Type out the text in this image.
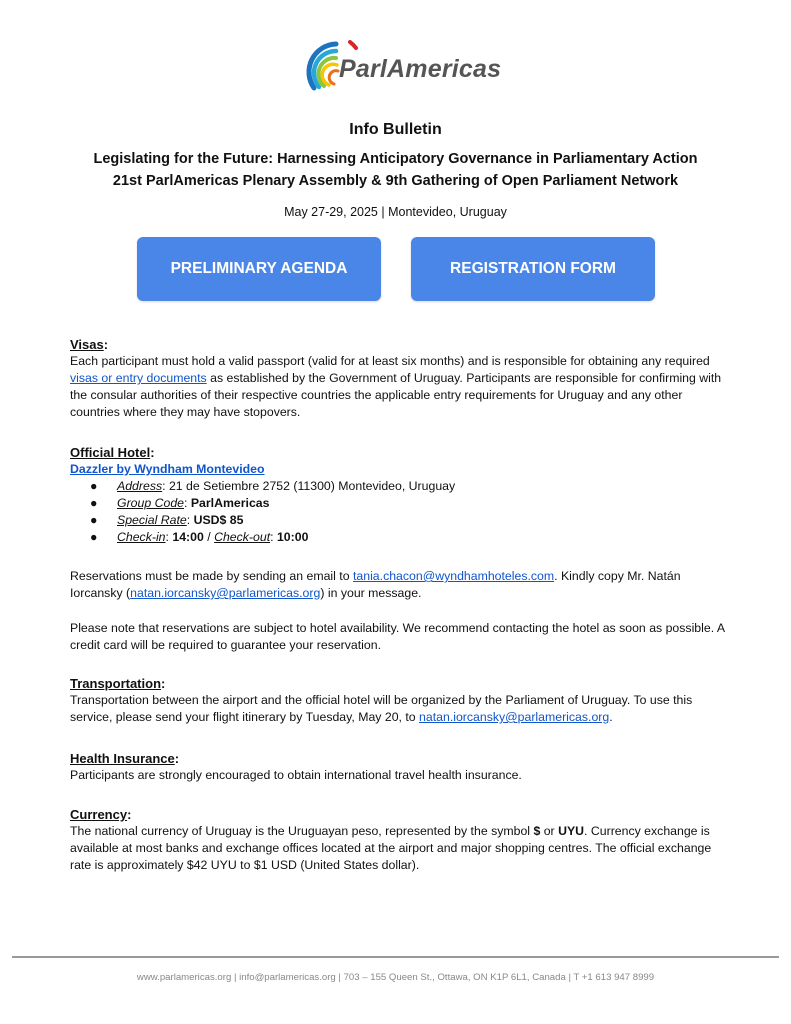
ParlAmericas
Info Bulletin
Legislating for the Future: Harnessing Anticipatory Governance in Parliamentary Action
21st ParlAmericas Plenary Assembly & 9th Gathering of Open Parliament Network
May 27-29, 2025 | Montevideo, Uruguay
PRELIMINARY AGENDA	REGISTRATION FORM
Visas:

Each participant must hold a valid passport (valid for at least six months) and is responsible for obtaining any required visas or entry documents as established by the Government of Uruguay. Participants are responsible for confirming with the consular authorities of their respective countries the applicable entry requirements for Uruguay and any other countries where they may have stopovers.

Official Hotel:
Dazzler by Wyndham Montevideo
● Address: 21 de Setiembre 2752 (11300) Montevideo, Uruguay
● Group Code: ParlAmericas
● Special Rate: USD$ 85
● Check-in: 14:00 / Check-out: 10:00

Reservations must be made by sending an email to tania.chacon@wyndhamhoteles.com. Kindly copy Mr. Natán Iorcansky (natan.iorcansky@parlamericas.org) in your message.

Please note that reservations are subject to hotel availability. We recommend contacting the hotel as soon as possible. A credit card will be required to guarantee your reservation.

Transportation:

Transportation between the airport and the official hotel will be organized by the Parliament of Uruguay. To use this service, please send your flight itinerary by Tuesday, May 20, to natan.iorcansky@parlamericas.org.

Health Insurance:

Participants are strongly encouraged to obtain international travel health insurance.

Currency:

The national currency of Uruguay is the Uruguayan peso, represented by the symbol $ or UYU. Currency exchange is available at most banks and exchange offices located at the airport and major shopping centres. The official exchange rate is approximately $42 UYU to $1 USD (United States dollar).

www.parlamericas.org | info@parlamericas.org | 703 – 155 Queen St., Ottawa, ON K1P 6L1, Canada | T +1 613 947 8999
